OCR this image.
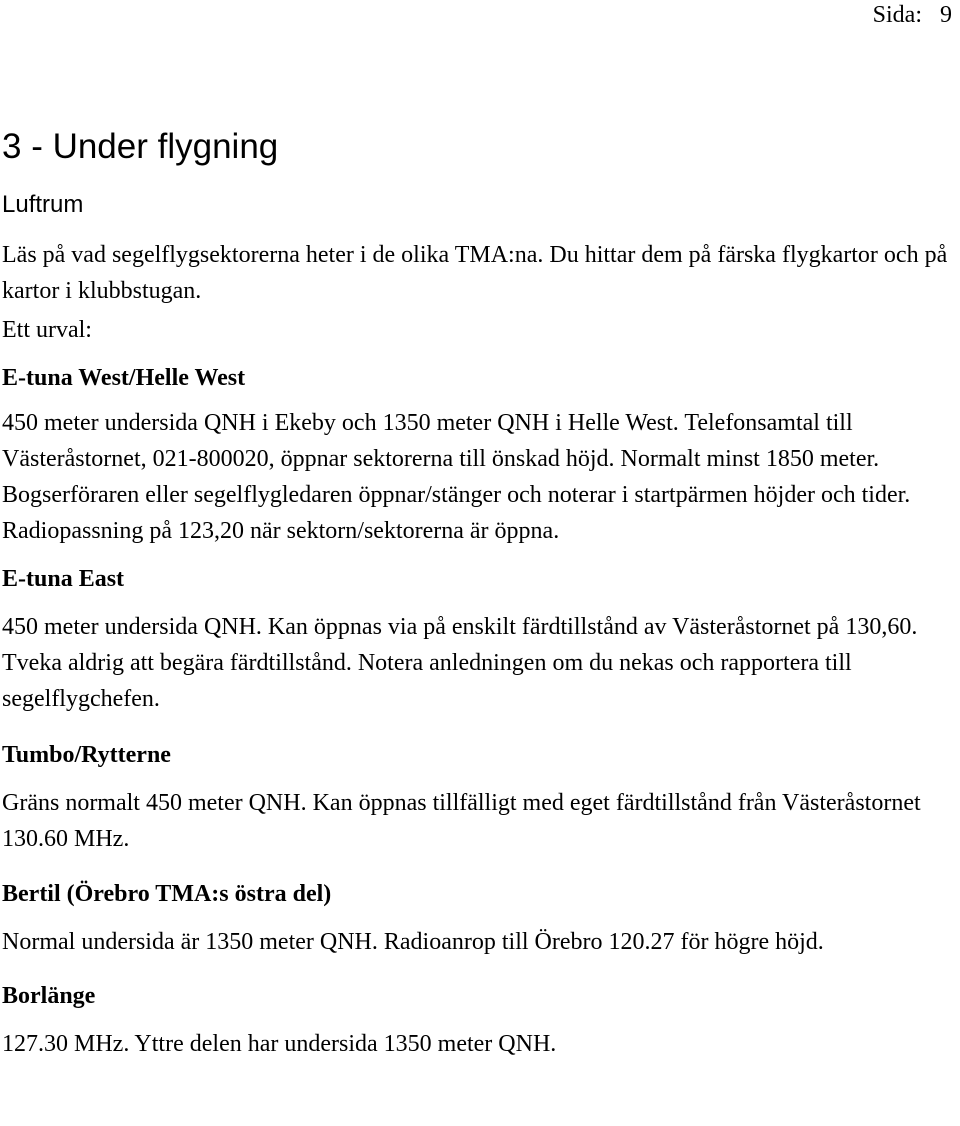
Sida:   9
3 - Under flygning
Luftrum

Läs på vad segelflygsektorerna heter i de olika TMA:na. Du hittar dem på färska flygkartor och på kartor i klubbstugan.

Ett urval:

E-tuna West/Helle West

450 meter undersida QNH i Ekeby och 1350 meter QNH i Helle West. Telefonsamtal till Västeråstornet, 021-800020, öppnar sektorerna till önskad höjd. Normalt minst 1850 meter. Bogserföraren eller segelflygledaren öppnar/stänger och noterar i startpärmen höjder och tider. Radiopassning på 123,20 när sektorn/sektorerna är öppna.

E-tuna East

450 meter undersida QNH. Kan öppnas via på enskilt färdtillstånd av Västeråstornet på 130,60. Tveka aldrig att begära färdtillstånd. Notera anledningen om du nekas och rapportera till segelflygchefen.

Tumbo/Rytterne

Gräns normalt 450 meter QNH. Kan öppnas tillfälligt med eget färdtillstånd från Västeråstornet 130.60 MHz.

Bertil (Örebro TMA:s östra del)

Normal undersida är 1350 meter QNH. Radioanrop till Örebro 120.27 för högre höjd.

Borlänge

127.30 MHz. Yttre delen har undersida 1350 meter QNH.
